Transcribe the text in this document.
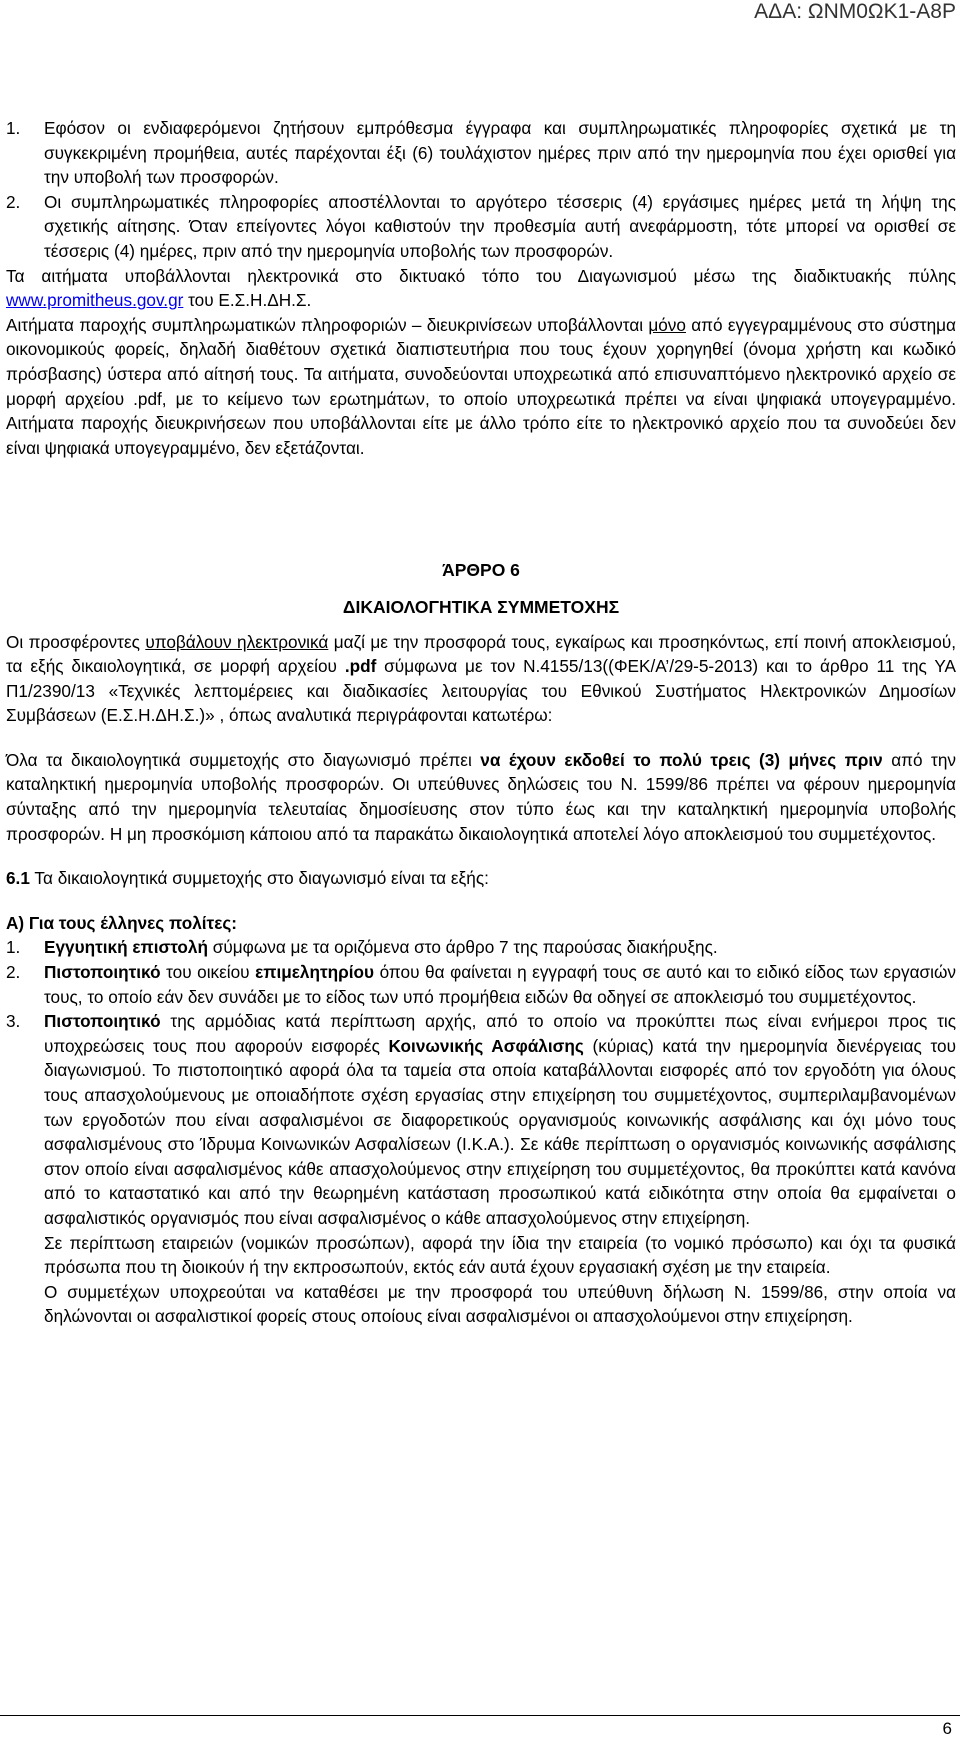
ΑΔΑ: ΩΝΜ0ΩΚ1-Α8Ρ

1. Εφόσον οι ενδιαφερόμενοι ζητήσουν εμπρόθεσμα έγγραφα και συμπληρωματικές πληροφορίες σχετικά με τη συγκεκριμένη προμήθεια, αυτές παρέχονται έξι (6) τουλάχιστον ημέρες πριν από την ημερομηνία που έχει ορισθεί για την υποβολή των προσφορών.

2. Οι συμπληρωματικές πληροφορίες αποστέλλονται το αργότερο τέσσερις (4) εργάσιμες ημέρες μετά τη λήψη της σχετικής αίτησης. Όταν επείγοντες λόγοι καθιστούν την προθεσμία αυτή ανεφάρμοστη, τότε μπορεί να ορισθεί σε τέσσερις (4) ημέρες, πριν από την ημερομηνία υποβολής των προσφορών.

Τα αιτήματα υποβάλλονται ηλεκτρονικά στο δικτυακό τόπο του Διαγωνισμού μέσω της διαδικτυακής πύλης www.promitheus.gov.gr του Ε.Σ.Η.ΔΗ.Σ.

Αιτήματα παροχής συμπληρωματικών πληροφοριών – διευκρινίσεων υποβάλλονται μόνο από εγγεγραμμένους στο σύστημα οικονομικούς φορείς, δηλαδή διαθέτουν σχετικά διαπιστευτήρια που τους έχουν χορηγηθεί (όνομα χρήστη και κωδικό πρόσβασης) ύστερα από αίτησή τους. Τα αιτήματα, συνοδεύονται υποχρεωτικά από επισυναπτόμενο ηλεκτρονικό αρχείο σε μορφή αρχείου .pdf, με το κείμενο των ερωτημάτων, το οποίο υποχρεωτικά πρέπει να είναι ψηφιακά υπογεγραμμένο. Αιτήματα παροχής διευκρινήσεων που υποβάλλονται είτε με άλλο τρόπο είτε το ηλεκτρονικό αρχείο που τα συνοδεύει δεν είναι ψηφιακά υπογεγραμμένο, δεν εξετάζονται.

ΆΡΘΡΟ 6

ΔΙΚΑΙΟΛΟΓΗΤΙΚΑ ΣΥΜΜΕΤΟΧΗΣ

Οι προσφέροντες υποβάλουν ηλεκτρονικά μαζί με την προσφορά τους, εγκαίρως και προσηκόντως, επί ποινή αποκλεισμού, τα εξής δικαιολογητικά, σε μορφή αρχείου .pdf σύμφωνα με τον Ν.4155/13((ΦΕΚ/Α’/29-5-2013) και το άρθρο 11 της ΥΑ Π1/2390/13 «Τεχνικές λεπτομέρειες και διαδικασίες λειτουργίας του Εθνικού Συστήματος Ηλεκτρονικών Δημοσίων Συμβάσεων (Ε.Σ.Η.ΔΗ.Σ.)» , όπως αναλυτικά περιγράφονται κατωτέρω:

Όλα τα δικαιολογητικά συμμετοχής στο διαγωνισμό πρέπει να έχουν εκδοθεί το πολύ τρεις (3) μήνες πριν από την καταληκτική ημερομηνία υποβολής προσφορών. Οι υπεύθυνες δηλώσεις του Ν. 1599/86 πρέπει να φέρουν ημερομηνία σύνταξης από την ημερομηνία τελευταίας δημοσίευσης στον τύπο έως και την καταληκτική ημερομηνία υποβολής προσφορών. Η μη προσκόμιση κάποιου από τα παρακάτω δικαιολογητικά αποτελεί λόγο αποκλεισμού του συμμετέχοντος.

6.1 Τα δικαιολογητικά συμμετοχής στο διαγωνισμό είναι τα εξής:

Α) Για τους έλληνες πολίτες:

1. Εγγυητική επιστολή σύμφωνα με τα οριζόμενα στο άρθρο 7 της παρούσας διακήρυξης.

2. Πιστοποιητικό του οικείου επιμελητηρίου όπου θα φαίνεται η εγγραφή τους σε αυτό και το ειδικό είδος των εργασιών τους, το οποίο εάν δεν συνάδει με το είδος των υπό προμήθεια ειδών θα οδηγεί σε αποκλεισμό του συμμετέχοντος.

3. Πιστοποιητικό της αρμόδιας κατά περίπτωση αρχής, από το οποίο να προκύπτει πως είναι ενήμεροι προς τις υποχρεώσεις τους που αφορούν εισφορές Κοινωνικής Ασφάλισης (κύριας) κατά την ημερομηνία διενέργειας του διαγωνισμού. Το πιστοποιητικό αφορά όλα τα ταμεία στα οποία καταβάλλονται εισφορές από τον εργοδότη για όλους τους απασχολούμενους με οποιαδήποτε σχέση εργασίας στην επιχείρηση του συμμετέχοντος, συμπεριλαμβανομένων των εργοδοτών που είναι ασφαλισμένοι σε διαφορετικούς οργανισμούς κοινωνικής ασφάλισης και όχι μόνο τους ασφαλισμένους στο Ίδρυμα Κοινωνικών Ασφαλίσεων (Ι.Κ.Α.). Σε κάθε περίπτωση ο οργανισμός κοινωνικής ασφάλισης στον οποίο είναι ασφαλισμένος κάθε απασχολούμενος στην επιχείρηση του συμμετέχοντος, θα προκύπτει κατά κανόνα από το καταστατικό και από την θεωρημένη κατάσταση προσωπικού κατά ειδικότητα στην οποία θα εμφαίνεται ο ασφαλιστικός οργανισμός που είναι ασφαλισμένος ο κάθε απασχολούμενος στην επιχείρηση.

Σε περίπτωση εταιρειών (νομικών προσώπων), αφορά την ίδια την εταιρεία (το νομικό πρόσωπο) και όχι τα φυσικά πρόσωπα που τη διοικούν ή την εκπροσωπούν, εκτός εάν αυτά έχουν εργασιακή σχέση με την εταιρεία.

Ο συμμετέχων υποχρεούται να καταθέσει με την προσφορά του υπεύθυνη δήλωση Ν. 1599/86, στην οποία να δηλώνονται οι ασφαλιστικοί φορείς στους οποίους είναι ασφαλισμένοι οι απασχολούμενοι στην επιχείρηση.

6
